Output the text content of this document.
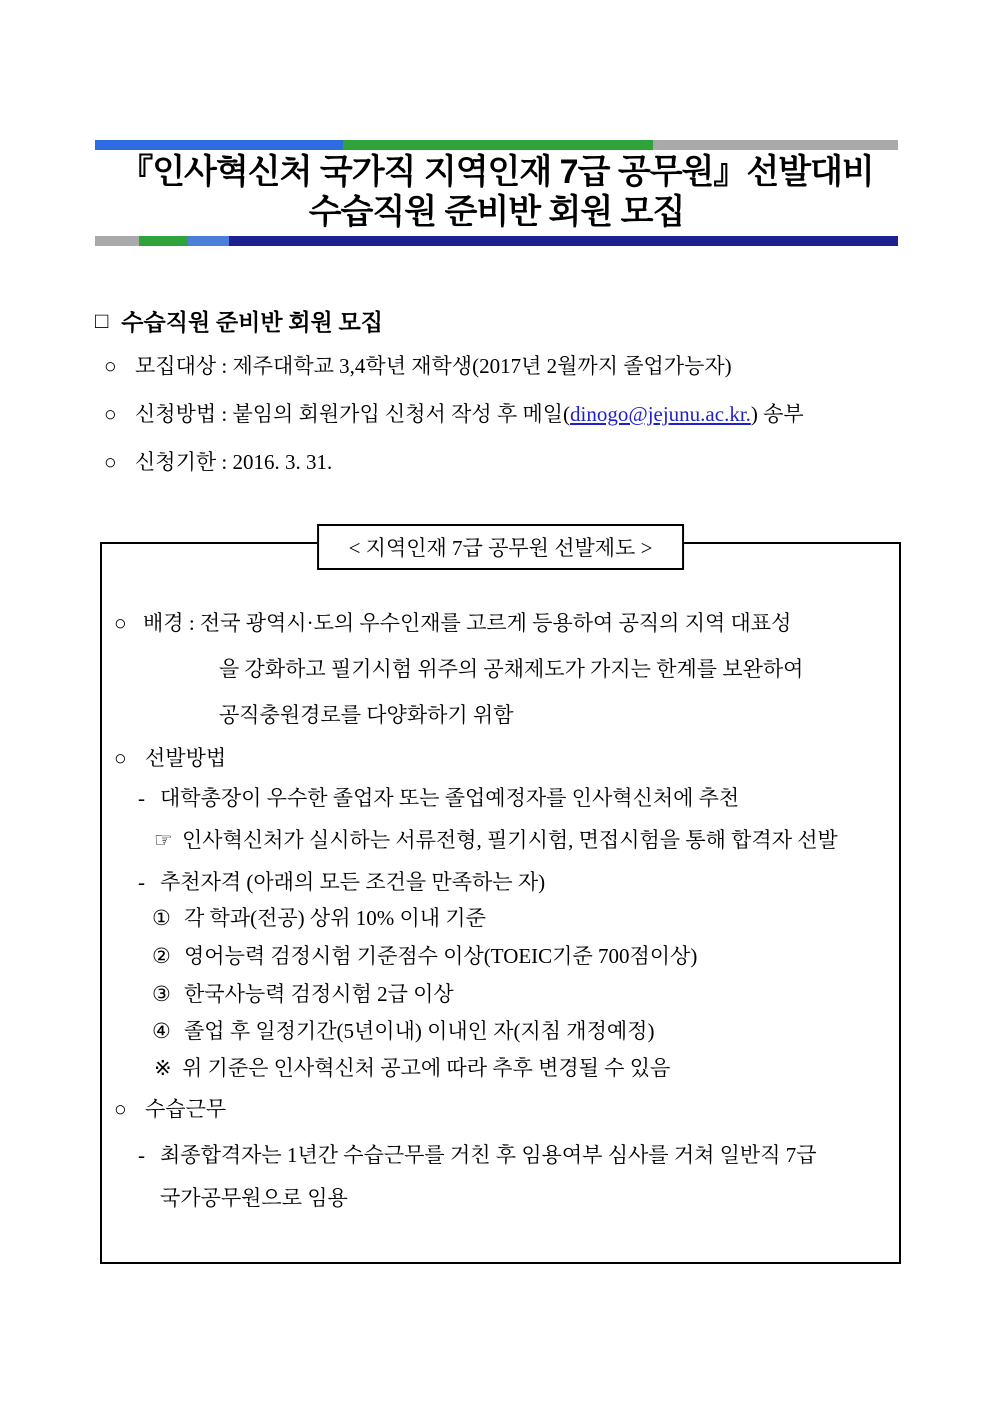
『인사혁신처 국가직 지역인재 7급 공무원』선발대비
수습직원 준비반 회원 모집
□ 수습직원 준비반 회원 모집
○ 모집대상 : 제주대학교 3,4학년 재학생(2017년 2월까지 졸업가능자)
○ 신청방법 : 붙임의 회원가입 신청서 작성 후 메일(dinogo@jejunu.ac.kr.) 송부
○ 신청기한 : 2016. 3. 31.
< 지역인재 7급 공무원 선발제도 >
○ 배경 : 전국 광역시·도의 우수인재를 고르게 등용하여 공직의 지역 대표성
을 강화하고 필기시험 위주의 공채제도가 가지는 한계를 보완하여
공직충원경로를 다양화하기 위함
○ 선발방법
- 대학총장이 우수한 졸업자 또는 졸업예정자를 인사혁신처에 추천
☞ 인사혁신처가 실시하는 서류전형, 필기시험, 면접시험을 통해 합격자 선발
- 추천자격 (아래의 모든 조건을 만족하는 자)
① 각 학과(전공) 상위 10% 이내 기준
② 영어능력 검정시험 기준점수 이상(TOEIC기준 700점이상)
③ 한국사능력 검정시험 2급 이상
④ 졸업 후 일정기간(5년이내) 이내인 자(지침 개정예정)
※ 위 기준은 인사혁신처 공고에 따라 추후 변경될 수 있음
○ 수습근무
- 최종합격자는 1년간 수습근무를 거친 후 임용여부 심사를 거쳐 일반직 7급
국가공무원으로 임용
